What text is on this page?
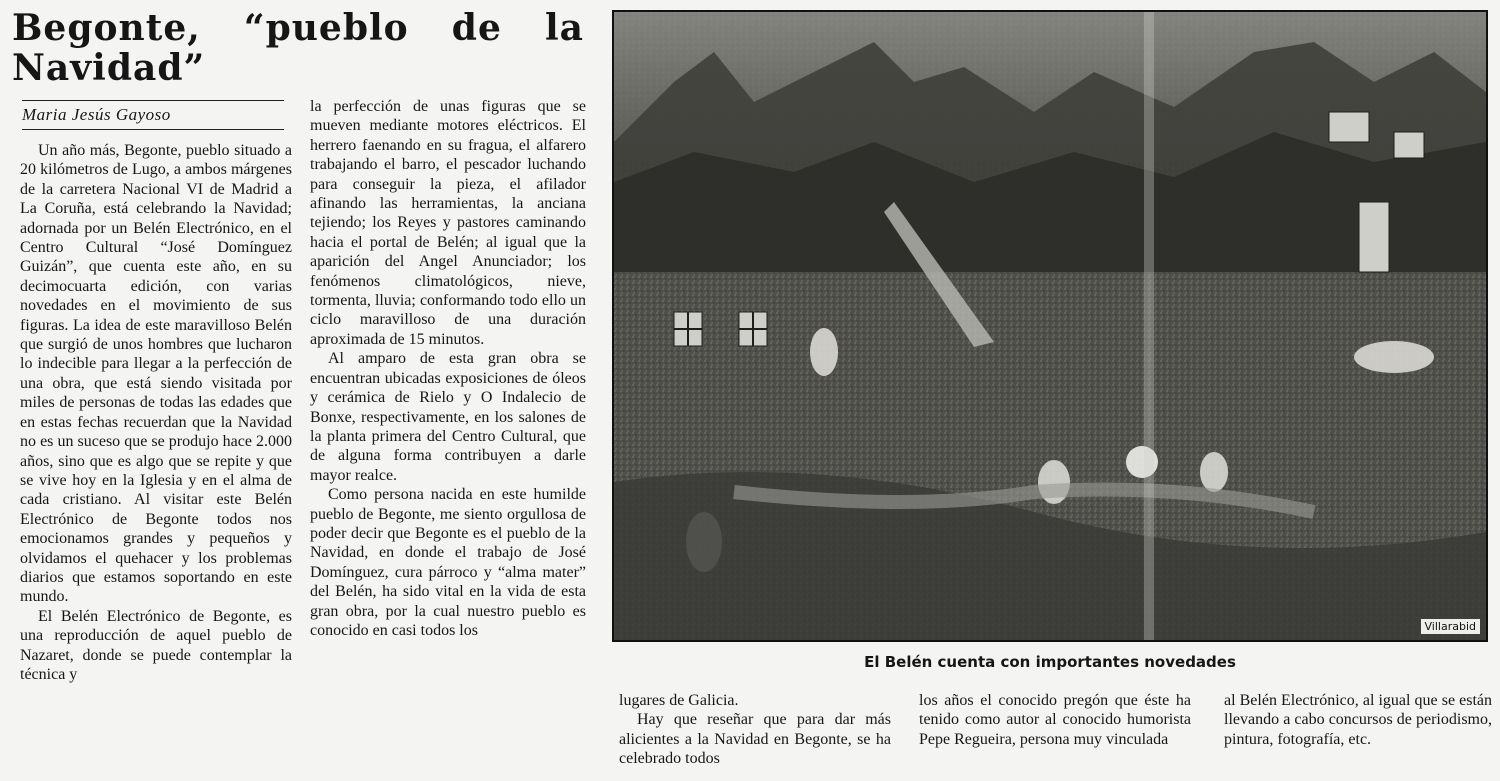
Begonte, “pueblo de la Navidad”
Maria Jesús Gayoso

Un año más, Begonte, pueblo situado a 20 kilómetros de Lugo, a ambos márgenes de la carretera Nacional VI de Madrid a La Coruña, está celebrando la Navidad; adornada por un Belén Electrónico, en el Centro Cultural “José Domínguez Guizán”, que cuenta este año, en su decimocuarta edición, con varias novedades en el movimiento de sus figuras. La idea de este maravilloso Belén que surgió de unos hombres que lucharon lo indecible para llegar a la perfección de una obra, que está siendo visitada por miles de personas de todas las edades que en estas fechas recuerdan que la Navidad no es un suceso que se produjo hace 2.000 años, sino que es algo que se repite y que se vive hoy en la Iglesia y en el alma de cada cristiano. Al visitar este Belén Electrónico de Begonte todos nos emocionamos grandes y pequeños y olvidamos el quehacer y los problemas diarios que estamos soportando en este mundo.

El Belén Electrónico de Begonte, es una reproducción de aquel pueblo de Nazaret, donde se puede contemplar la técnica y

la perfección de unas figuras que se mueven mediante motores eléctricos. El herrero faenando en su fragua, el alfarero trabajando el barro, el pescador luchando para conseguir la pieza, el afilador afinando las herramientas, la anciana tejiendo; los Reyes y pastores caminando hacia el portal de Belén; al igual que la aparición del Angel Anunciador; los fenómenos climatológicos, nieve, tormenta, lluvia; conformando todo ello un ciclo maravilloso de una duración aproximada de 15 minutos.

Al amparo de esta gran obra se encuentran ubicadas exposiciones de óleos y cerámica de Rielo y O Indalecio de Bonxe, respectivamente, en los salones de la planta primera del Centro Cultural, que de alguna forma contribuyen a darle mayor realce.

Como persona nacida en este humilde pueblo de Begonte, me siento orgullosa de poder decir que Begonte es el pueblo de la Navidad, en donde el trabajo de José Domínguez, cura párroco y “alma mater” del Belén, ha sido vital en la vida de esta gran obra, por la cual nuestro pueblo es conocido en casi todos los	Villarabid
El Belén cuenta con importantes novedades

lugares de Galicia.

Hay que reseñar que para dar más alicientes a la Navidad en Begonte, se ha celebrado todos

los años el conocido pregón que éste ha tenido como autor al conocido humorista Pepe Regueira, persona muy vinculada

al Belén Electrónico, al igual que se están llevando a cabo concursos de periodismo, pintura, fotografía, etc.
